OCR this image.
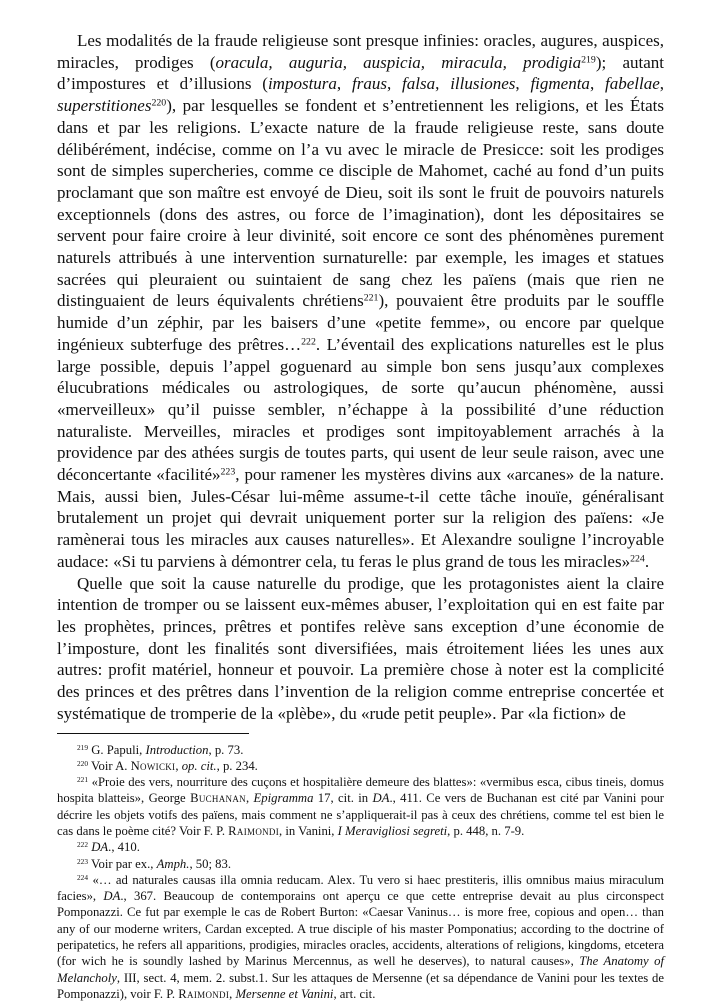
Les modalités de la fraude religieuse sont presque infinies: oracles, augures, auspices, miracles, prodiges (oracula, auguria, auspicia, miracula, prodigia$^{219}$); autant d’impostures et d’illusions (impostura, fraus, falsa, illusiones, figmenta, fabellae, superstitiones$^{220}$), par lesquelles se fondent et s’entretiennent les religions, et les États dans et par les religions. L’exacte nature de la fraude religieuse reste, sans doute délibérément, indécise, comme on l’a vu avec le miracle de Presicce: soit les prodiges sont de simples supercheries, comme ce disciple de Mahomet, caché au fond d’un puits proclamant que son maître est envoyé de Dieu, soit ils sont le fruit de pouvoirs naturels exceptionnels (dons des astres, ou force de l’imagination), dont les dépositaires se servent pour faire croire à leur divinité, soit encore ce sont des phénomènes purement naturels attribués à une intervention surnaturelle: par exemple, les images et statues sacrées qui pleuraient ou suintaient de sang chez les païens (mais que rien ne distinguaient de leurs équivalents chrétiens$^{221}$), pouvaient être produits par le souffle humide d’un zéphir, par les baisers d’une «petite femme», ou encore par quelque ingénieux subterfuge des prêtres…$^{222}$. L’éventail des explications naturelles est le plus large possible, depuis l’appel goguenard au simple bon sens jusqu’aux complexes élucubrations médicales ou astrologiques, de sorte qu’aucun phénomène, aussi «merveilleux» qu’il puisse sembler, n’échappe à la possibilité d’une réduction naturaliste. Merveilles, miracles et prodiges sont impitoyablement arrachés à la providence par des athées surgis de toutes parts, qui usent de leur seule raison, avec une déconcertante «facilité»$^{223}$, pour ramener les mystères divins aux «arcanes» de la nature. Mais, aussi bien, Jules-César lui-même assume-t-il cette tâche inouïe, généralisant brutalement un projet qui devrait uniquement porter sur la religion des païens: «Je ramènerai tous les miracles aux causes naturelles». Et Alexandre souligne l’incroyable audace: «Si tu parviens à démontrer cela, tu feras le plus grand de tous les miracles»$^{224}$.

Quelle que soit la cause naturelle du prodige, que les protagonistes aient la claire intention de tromper ou se laissent eux-mêmes abuser, l’exploitation qui en est faite par les prophètes, princes, prêtres et pontifes relève sans exception d’une économie de l’imposture, dont les finalités sont diversifiées, mais étroitement liées les unes aux autres: profit matériel, honneur et pouvoir. La première chose à noter est la complicité des princes et des prêtres dans l’invention de la religion comme entreprise concertée et systématique de tromperie de la «plèbe», du «rude petit peuple». Par «la fiction» de

$^{219}$ G. Papuli, Introduction, p. 73.

$^{220}$ Voir A. Nowicki, op. cit., p. 234.

$^{221}$ «Proie des vers, nourriture des cuçons et hospitalière demeure des blattes»: «vermibus esca, cibus tineis, domus hospita blatteis», George Buchanan, Epigramma 17, cit. in DA., 411. Ce vers de Buchanan est cité par Vanini pour décrire les objets votifs des païens, mais comment ne s’appliquerait-il pas à ceux des chrétiens, comme tel est bien le cas dans le poème cité? Voir F. P. Raimondi, in Vanini, I Meravigliosi segreti, p. 448, n. 7-9.

$^{222}$ DA., 410.

$^{223}$ Voir par ex., Amph., 50; 83.

$^{224}$ «… ad naturales causas illa omnia reducam. Alex. Tu vero si haec prestiteris, illis omnibus maius miraculum facies», DA., 367. Beaucoup de contemporains ont aperçu ce que cette entreprise devait au plus circonspect Pomponazzi. Ce fut par exemple le cas de Robert Burton: «Caesar Vaninus… is more free, copious and open… than any of our moderne writers, Cardan excepted. A true disciple of his master Pomponatius; according to the doctrine of peripatetics, he refers all apparitions, prodigies, miracles oracles, accidents, alterations of religions, kingdoms, etcetera (for wich he is soundly lashed by Marinus Mercennus, as well he deserves), to natural causes», The Anatomy of Melancholy, III, sect. 4, mem. 2. subst.1. Sur les attaques de Mersenne (et sa dépendance de Vanini pour les textes de Pomponazzi), voir F. P. Raimondi, Mersenne et Vanini, art. cit.
